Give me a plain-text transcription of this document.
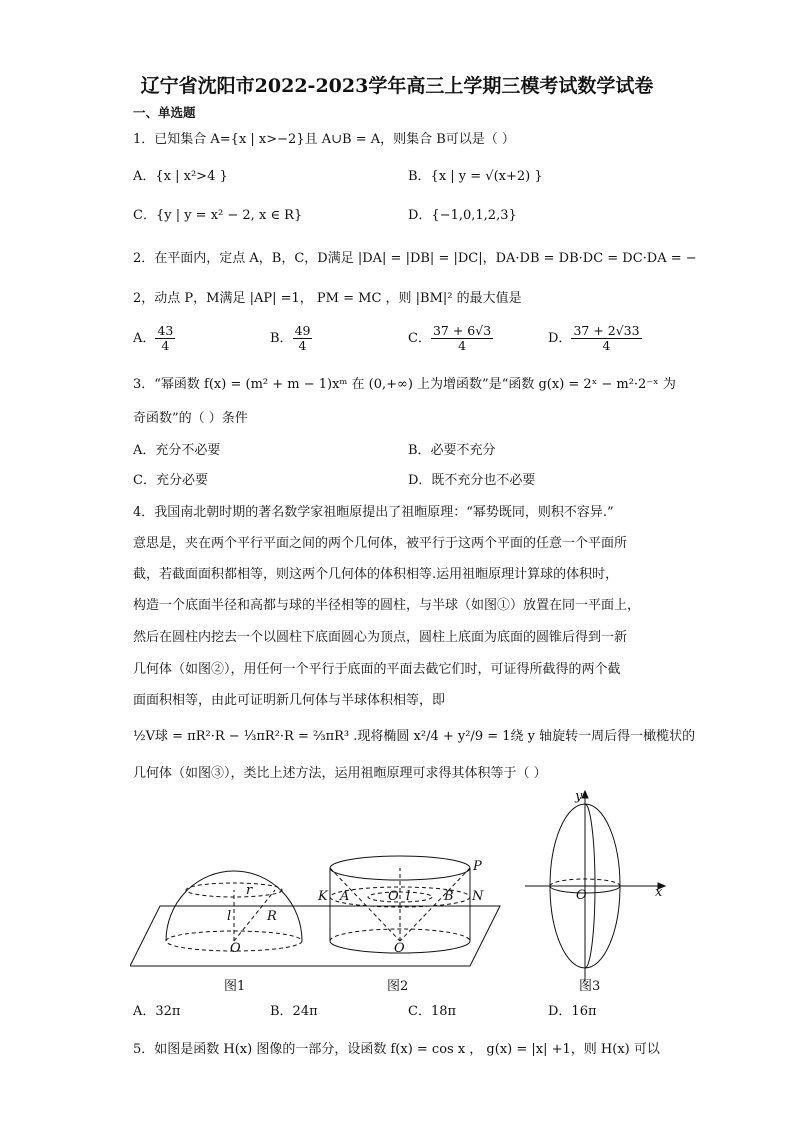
辽宁省沈阳市2022-2023学年高三上学期三模考试数学试卷
一、单选题
1．已知集合 A={x | x>−2}且 A∪B = A，则集合 B可以是（ ）
A．{x | x²>4 }	B．{x | y = √(x+2) }
C．{y | y = x² − 2, x ∈ R}	D．{−1,0,1,2,3}
2．在平面内，定点 A，B，C，D满足 |DA| = |DB| = |DC|，DA·DB = DB·DC = DC·DA = −
2，动点 P，M满足 |AP| =1， PM = MC ，则 |BM|² 的最大值是
A． $\frac{43}{4}$	B． $\frac{49}{4}$	C． $\frac{37 + 6√3}{4}$	D． $\frac{37 + 2√33}{4}$
3．“幂函数 f(x) = (m² + m − 1)xᵐ 在 (0,+∞) 上为增函数”是“函数 g(x) = 2ˣ − m²·2⁻ˣ 为
奇函数”的（ ）条件
A．充分不必要	B．必要不充分
C．充分必要	D．既不充分也不必要
4．我国南北朝时期的著名数学家祖暅原提出了祖暅原理：“幂势既同，则积不容异.”
意思是，夹在两个平行平面之间的两个几何体，被平行于这两个平面的任意一个平面所
截，若截面面积都相等，则这两个几何体的体积相等.运用祖暅原理计算球的体积时，
构造一个底面半径和高都与球的半径相等的圆柱，与半球（如图①）放置在同一平面上，
然后在圆柱内挖去一个以圆柱下底面圆心为顶点，圆柱上底面为底面的圆锥后得到一新
几何体（如图②），用任何一个平行于底面的平面去截它们时，可证得所截得的两个截
面面积相等，由此可证明新几何体与半球体积相等，即
½V球 = πR²·R − ⅓πR²·R = ⅔πR³ .现将椭圆 x²/4 + y²/9 = 1绕 y 轴旋转一周后得一橄榄状的
几何体（如图③），类比上述方法，运用祖暅原理可求得其体积等于（ ）
r
l	R
O
K A	O l	B N
P
O
O	x
y
图1	图2	图3
A．32π	B．24π	C．18π	D．16π
5．如图是函数 H(x) 图像的一部分，设函数 f(x) = cos x ， g(x) = |x| +1，则 H(x) 可以
